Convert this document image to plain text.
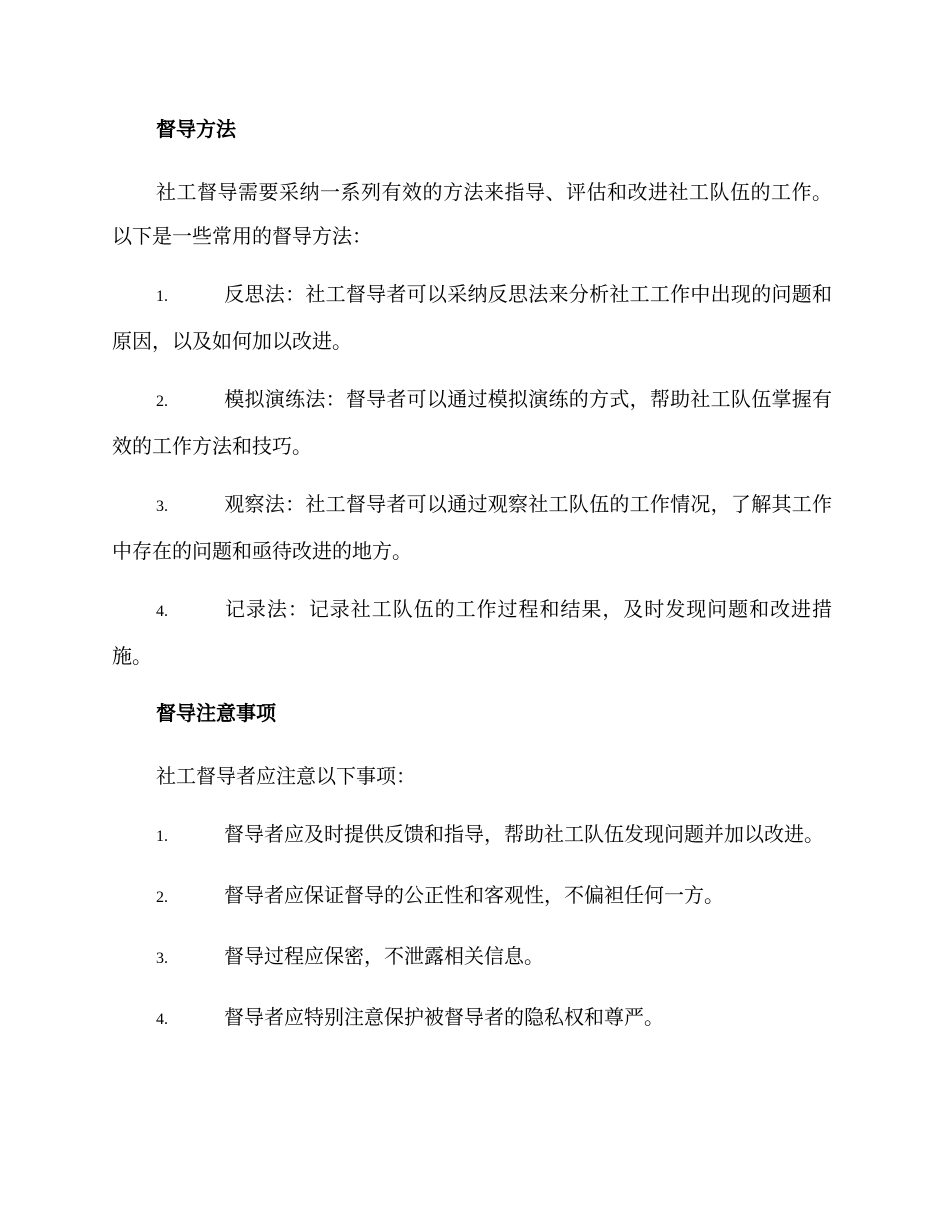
督导方法

社工督导需要采纳一系列有效的方法来指导、评估和改进社工队伍的工作。以下是一些常用的督导方法：

1.	反思法：社工督导者可以采纳反思法来分析社工工作中出现的问题和原因，以及如何加以改进。

2.	模拟演练法：督导者可以通过模拟演练的方式，帮助社工队伍掌握有效的工作方法和技巧。

3.	观察法：社工督导者可以通过观察社工队伍的工作情况，了解其工作中存在的问题和亟待改进的地方。

4.	记录法：记录社工队伍的工作过程和结果，及时发现问题和改进措施。

督导注意事项

社工督导者应注意以下事项：

1.	督导者应及时提供反馈和指导，帮助社工队伍发现问题并加以改进。

2.	督导者应保证督导的公正性和客观性，不偏袒任何一方。

3.	督导过程应保密，不泄露相关信息。

4.	督导者应特别注意保护被督导者的隐私权和尊严。
